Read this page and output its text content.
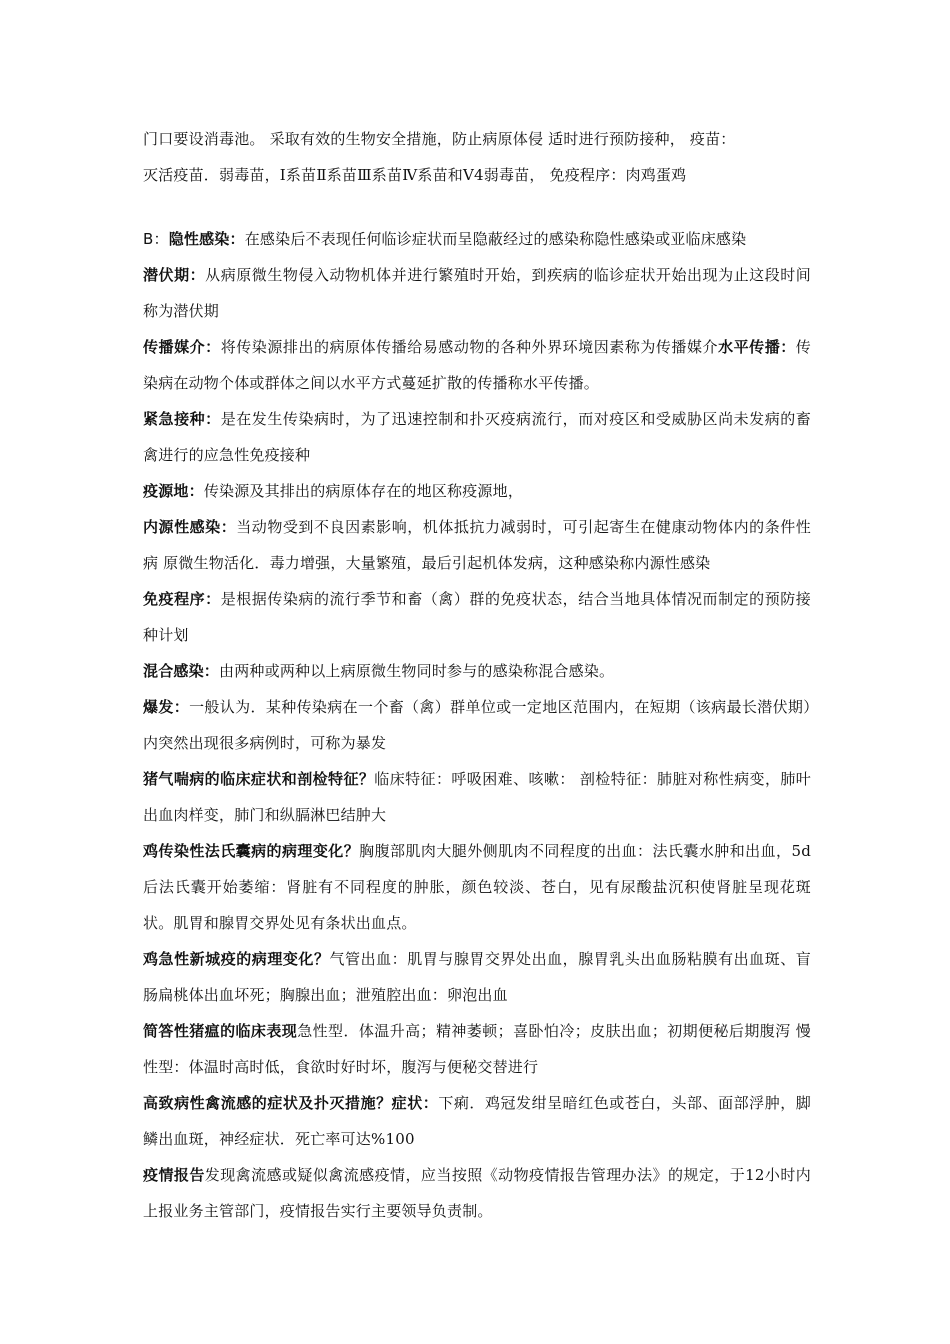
门口要设消毒池。 采取有效的生物安全措施，防止病原体侵 适时进行预防接种， 疫苗：
灭活疫苗．弱毒苗，Ⅰ系苗Ⅱ系苗Ⅲ系苗Ⅳ系苗和V4弱毒苗， 免疫程序：肉鸡蛋鸡

B：隐性感染：在感染后不表现任何临诊症状而呈隐蔽经过的感染称隐性感染或亚临床感染

潜伏期：从病原微生物侵入动物机体并进行繁殖时开始，到疾病的临诊症状开始出现为止这段时间称为潜伏期

传播媒介：将传染源排出的病原体传播给易感动物的各种外界环境因素称为传播媒介水平传播：传染病在动物个体或群体之间以水平方式蔓延扩散的传播称水平传播。

紧急接种：是在发生传染病时，为了迅速控制和扑灭疫病流行，而对疫区和受威胁区尚未发病的畜禽进行的应急性免疫接种

疫源地：传染源及其排出的病原体存在的地区称疫源地，

内源性感染：当动物受到不良因素影响，机体抵抗力减弱时，可引起寄生在健康动物体内的条件性病 原微生物活化．毒力增强，大量繁殖，最后引起机体发病，这种感染称内源性感染

免疫程序：是根据传染病的流行季节和畜（禽）群的免疫状态，结合当地具体情况而制定的预防接种计划

混合感染：由两种或两种以上病原微生物同时参与的感染称混合感染。

爆发：一般认为．某种传染病在一个畜（禽）群单位或一定地区范围内，在短期（该病最长潜伏期）内突然出现很多病例时，可称为暴发

猪气喘病的临床症状和剖检特征？临床特征：呼吸困难、咳嗽： 剖检特征：肺脏对称性病变，肺叶出血肉样变，肺门和纵膈淋巴结肿大

鸡传染性法氏囊病的病理变化？胸腹部肌肉大腿外侧肌肉不同程度的出血：法氏囊水肿和出血，5d后法氏囊开始萎缩：肾脏有不同程度的肿胀，颜色较淡、苍白，见有尿酸盐沉积使肾脏呈现花斑状。肌胃和腺胃交界处见有条状出血点。

鸡急性新城疫的病理变化？气管出血：肌胃与腺胃交界处出血，腺胃乳头出血肠粘膜有出血斑、盲肠扁桃体出血坏死；胸腺出血；泄殖腔出血：卵泡出血

简答性猪瘟的临床表现急性型．体温升高；精神萎顿；喜卧怕冷；皮肤出血；初期便秘后期腹泻 慢性型：体温时高时低，食欲时好时坏，腹泻与便秘交替进行

高致病性禽流感的症状及扑灭措施？症状：下痢．鸡冠发绀呈暗红色或苍白，头部、面部浮肿，脚鳞出血斑，神经症状．死亡率可达%100

疫情报告发现禽流感或疑似禽流感疫情，应当按照《动物疫情报告管理办法》的规定，于12小时内上报业务主管部门，疫情报告实行主要领导负责制。
